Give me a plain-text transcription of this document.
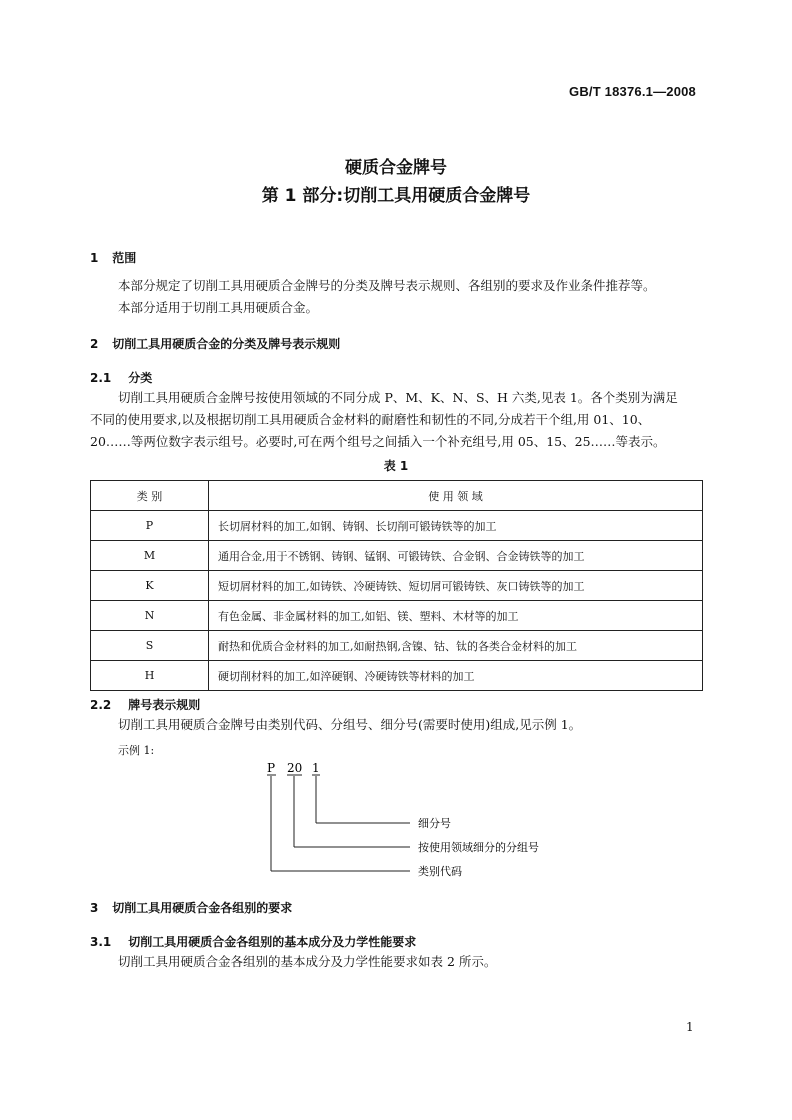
GB/T 18376.1—2008
硬质合金牌号
第 1 部分:切削工具用硬质合金牌号
1 范围
本部分规定了切削工具用硬质合金牌号的分类及牌号表示规则、各组别的要求及作业条件推荐等。
本部分适用于切削工具用硬质合金。
2 切削工具用硬质合金的分类及牌号表示规则
2.1 分类
切削工具用硬质合金牌号按使用领域的不同分成 P、M、K、N、S、H 六类,见表 1。各个类别为满足
不同的使用要求,以及根据切削工具用硬质合金材料的耐磨性和韧性的不同,分成若干个组,用 01、10、
20……等两位数字表示组号。必要时,可在两个组号之间插入一个补充组号,用 05、15、25……等表示。
表 1
类 别	使 用 领 域
P	长切屑材料的加工,如钢、铸钢、长切削可锻铸铁等的加工
M	通用合金,用于不锈钢、铸钢、锰钢、可锻铸铁、合金钢、合金铸铁等的加工
K	短切屑材料的加工,如铸铁、冷硬铸铁、短切屑可锻铸铁、灰口铸铁等的加工
N	有色金属、非金属材料的加工,如铝、镁、塑料、木材等的加工
S	耐热和优质合金材料的加工,如耐热钢,含镍、钴、钛的各类合金材料的加工
H	硬切削材料的加工,如淬硬钢、冷硬铸铁等材料的加工
2.2 牌号表示规则
切削工具用硬质合金牌号由类别代码、分组号、细分号(需要时使用)组成,见示例 1。
示例 1:
P 20 1
细分号
按使用领域细分的分组号
类别代码
3 切削工具用硬质合金各组别的要求
3.1 切削工具用硬质合金各组别的基本成分及力学性能要求
切削工具用硬质合金各组别的基本成分及力学性能要求如表 2 所示。
1
